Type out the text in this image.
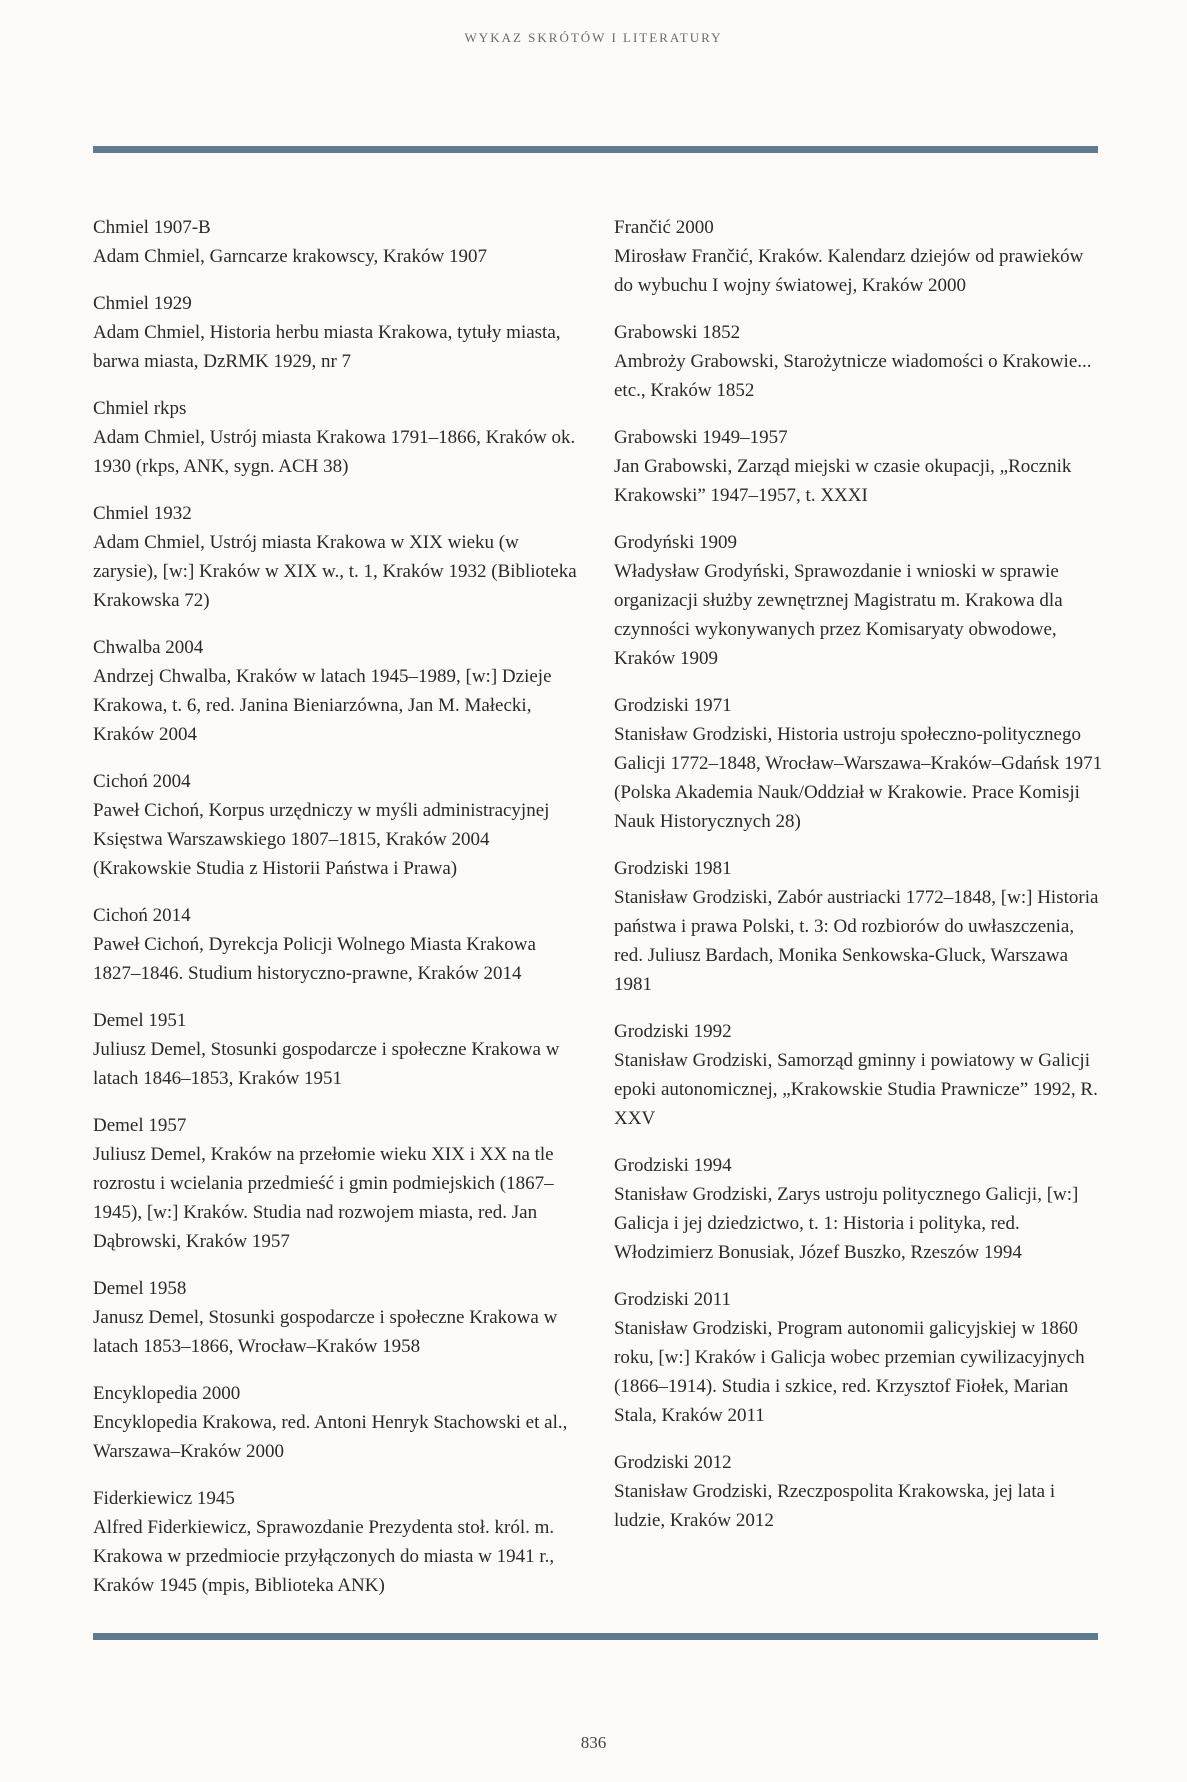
WYKAZ SKRÓTÓW I LITERATURY
Chmiel 1907-B
Adam Chmiel, Garncarze krakowscy, Kraków 1907
Chmiel 1929
Adam Chmiel, Historia herbu miasta Krakowa, tytuły miasta, barwa miasta, DzRMK 1929, nr 7
Chmiel rkps
Adam Chmiel, Ustrój miasta Krakowa 1791–1866, Kraków ok. 1930 (rkps, ANK, sygn. ACH 38)
Chmiel 1932
Adam Chmiel, Ustrój miasta Krakowa w XIX wieku (w zarysie), [w:] Kraków w XIX w., t. 1, Kraków 1932 (Biblioteka Krakowska 72)
Chwalba 2004
Andrzej Chwalba, Kraków w latach 1945–1989, [w:] Dzieje Krakowa, t. 6, red. Janina Bieniarzówna, Jan M. Małecki, Kraków 2004
Cichoń 2004
Paweł Cichoń, Korpus urzędniczy w myśli administracyjnej Księstwa Warszawskiego 1807–1815, Kraków 2004 (Krakowskie Studia z Historii Państwa i Prawa)
Cichoń 2014
Paweł Cichoń, Dyrekcja Policji Wolnego Miasta Krakowa 1827–1846. Studium historyczno-prawne, Kraków 2014
Demel 1951
Juliusz Demel, Stosunki gospodarcze i społeczne Krakowa w latach 1846–1853, Kraków 1951
Demel 1957
Juliusz Demel, Kraków na przełomie wieku XIX i XX na tle rozrostu i wcielania przedmieść i gmin podmiejskich (1867–1945), [w:] Kraków. Studia nad rozwojem miasta, red. Jan Dąbrowski, Kraków 1957
Demel 1958
Janusz Demel, Stosunki gospodarcze i społeczne Krakowa w latach 1853–1866, Wrocław–Kraków 1958
Encyklopedia 2000
Encyklopedia Krakowa, red. Antoni Henryk Stachowski et al., Warszawa–Kraków 2000
Fiderkiewicz 1945
Alfred Fiderkiewicz, Sprawozdanie Prezydenta stoł. król. m. Krakowa w przedmiocie przyłączonych do miasta w 1941 r., Kraków 1945 (mpis, Biblioteka ANK)
Frančić 2000
Mirosław Frančić, Kraków. Kalendarz dziejów od prawieków do wybuchu I wojny światowej, Kraków 2000
Grabowski 1852
Ambroży Grabowski, Starożytnicze wiadomości o Krakowie... etc., Kraków 1852
Grabowski 1949–1957
Jan Grabowski, Zarząd miejski w czasie okupacji, „Rocznik Krakowski” 1947–1957, t. XXXI
Grodyński 1909
Władysław Grodyński, Sprawozdanie i wnioski w sprawie organizacji służby zewnętrznej Magistratu m. Krakowa dla czynności wykonywanych przez Komisaryaty obwodowe, Kraków 1909
Grodziski 1971
Stanisław Grodziski, Historia ustroju społeczno-politycznego Galicji 1772–1848, Wrocław–Warszawa–Kraków–Gdańsk 1971 (Polska Akademia Nauk/Oddział w Krakowie. Prace Komisji Nauk Historycznych 28)
Grodziski 1981
Stanisław Grodziski, Zabór austriacki 1772–1848, [w:] Historia państwa i prawa Polski, t. 3: Od rozbiorów do uwłaszczenia, red. Juliusz Bardach, Monika Senkowska-Gluck, Warszawa 1981
Grodziski 1992
Stanisław Grodziski, Samorząd gminny i powiatowy w Galicji epoki autonomicznej, „Krakowskie Studia Prawnicze” 1992, R. XXV
Grodziski 1994
Stanisław Grodziski, Zarys ustroju politycznego Galicji, [w:] Galicja i jej dziedzictwo, t. 1: Historia i polityka, red. Włodzimierz Bonusiak, Józef Buszko, Rzeszów 1994
Grodziski 2011
Stanisław Grodziski, Program autonomii galicyjskiej w 1860 roku, [w:] Kraków i Galicja wobec przemian cywilizacyjnych (1866–1914). Studia i szkice, red. Krzysztof Fiołek, Marian Stala, Kraków 2011
Grodziski 2012
Stanisław Grodziski, Rzeczpospolita Krakowska, jej lata i ludzie, Kraków 2012
836
